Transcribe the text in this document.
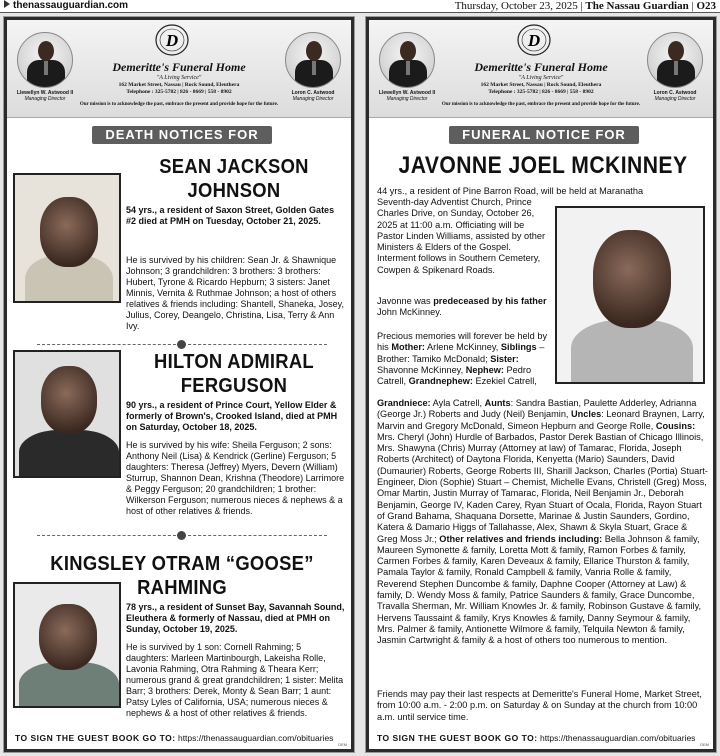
thenassauguardian.com	Thursday, October 23, 2025 | The Nassau Guardian | O23
Llewellyn W. Astwood II
Managing Director
D
Demeritte's Funeral Home
"A Living Service"
162 Market Street, Nassau | Rock Sound, Eleuthera
Telephone : 325-5782 | 826 - 8669 | 558 - 8902
Our mission is to acknowledge the past, embrace the present and provide hope for the future.
Loron C. Astwood
Managing Director
DEATH NOTICES FOR
SEAN JACKSON JOHNSON
54 yrs., a resident of Saxon Street, Golden Gates #2 died at PMH on Tuesday, October 21, 2025.
He is survived by his children: Sean Jr. & Shawnique Johnson; 3 grandchildren: 3 brothers: 3 brothers: Hubert, Tyrone & Ricardo Hepburn; 3 sisters: Janet Minnis, Vernita & Ruthmae Johnson; a host of others relatives & friends including: Shantell, Shaneka, Josey, Julius, Corey, Deangelo, Christina, Lisa, Terry & Ann Ivy.
HILTON ADMIRAL FERGUSON
90 yrs., a resident of Prince Court, Yellow Elder & formerly of Brown's, Crooked Island, died at PMH on Saturday, October 18, 2025.
He is survived by his wife: Sheila Ferguson; 2 sons: Anthony Neil (Lisa) & Kendrick (Gerline) Ferguson; 5 daughters: Theresa (Jeffrey) Myers, Devern (William) Sturrup, Shannon Dean, Krishna (Theodore) Larrimore & Peggy Ferguson; 20 grandchildren; 1 brother: Wilkerson Ferguson; numerous nieces & nephews & a host of other relatives & friends.
KINGSLEY OTRAM “GOOSE” RAHMING
78 yrs., a resident of Sunset Bay, Savannah Sound, Eleuthera & formerly of Nassau, died at PMH on Sunday, October 19, 2025.
He is survived by 1 son: Cornell Rahming; 5 daughters: Marleen Martinbourgh, Lakeisha Rolle, Lavonia Rahming, Otra Rahming & Theara Kerr; numerous grand & great grandchildren; 1 sister: Melita Barr; 3 brothers: Derek, Monty & Sean Barr; 1 aunt: Patsy Lyles of California, USA; numerous nieces & nephews & a host of other relatives & friends.
TO SIGN THE GUEST BOOK GO TO: https://thenassauguardian.com/obituaries
DEM
Llewellyn W. Astwood II
Managing Director
D
Demeritte's Funeral Home
"A Living Service"
162 Market Street, Nassau | Rock Sound, Eleuthera
Telephone : 325-5782 | 826 - 8669 | 558 - 8902
Our mission is to acknowledge the past, embrace the present and provide hope for the future.
Loron C. Astwood
Managing Director
FUNERAL NOTICE FOR
JAVONNE JOEL MCKINNEY
44 yrs., a resident of Pine Barron Road, will be held at Maranatha
Seventh-day Adventist Church, Prince Charles Drive, on Sunday, October 26, 2025 at 11:00 a.m. Officiating will be Pastor Linden Williams, assisted by other Ministers & Elders of the Gospel. Interment follows in Southern Cemetery, Cowpen & Spikenard Roads.
Javonne was predeceased by his father John McKinney.
Precious memories will forever be held by his Mother: Arlene McKinney, Siblings – Brother: Tamiko McDonald; Sister: Shavonne McKinney, Nephew: Pedro Catrell, Grandnephew: Ezekiel Catrell,
Grandniece: Ayla Catrell, Aunts: Sandra Bastian, Paulette Adderley, Adrianna (George Jr.) Roberts and Judy (Neil) Benjamin, Uncles: Leonard Braynen, Larry, Marvin and Gregory McDonald, Simeon Hepburn and George Rolle, Cousins: Mrs. Cheryl (John) Hurdle of Barbados, Pastor Derek Bastian of Chicago Illinois, Mrs. Shawyna (Chris) Murray (Attorney at law) of Tamarac, Florida, Joseph Roberts (Architect) of Daytona Florida, Kenyetta (Mario) Saunders, David (Dumaurier) Roberts, George Roberts III, Sharill Jackson, Charles (Portia) Stuart-Engineer, Dion (Sophie) Stuart – Chemist, Michelle Evans, Christell (Greg) Moss, Omar Martin, Justin Murray of Tamarac, Florida, Neil Benjamin Jr., Deborah Benjamin, George IV, Kaden Carey, Ryan Stuart of Ocala, Florida, Rayon Stuart of Grand Bahama, Shaquana Dorsette, Marinae & Justin Saunders, Gordino, Katera & Damario Higgs of Tallahasse, Alex, Shawn & Skyla Stuart, Grace & Greg Moss Jr.; Other relatives and friends including: Bella Johnson & family, Maureen Symonette & family, Loretta Mott & family, Ramon Forbes & family, Carmen Forbes & family, Karen Deveaux & family, Ellarice Thurston & family, Pamala Taylor & family, Ronald Campbell & family, Vanria Rolle & family, Reverend Stephen Duncombe & family, Daphne Cooper (Attorney at Law) & family, D. Wendy Moss & family, Patrice Saunders & family, Grace Duncombe, Travalla Sherman, Mr. William Knowles Jr. & family, Robinson Gustave & family, Hervens Taussaint & family, Krys Knowles & family, Danny Seymour & family, Mrs. Palmer & family, Antionette Wilmore & family, Telquila Newton & family, Jasmin Cartwright & family & a host of others too numerous to mention.
Friends may pay their last respects at Demeritte's Funeral Home, Market Street, from 10:00 a.m. - 2:00 p.m. on Saturday & on Sunday at the church from 10:00 a.m. until service time.
TO SIGN THE GUEST BOOK GO TO: https://thenassauguardian.com/obituaries
DEM
